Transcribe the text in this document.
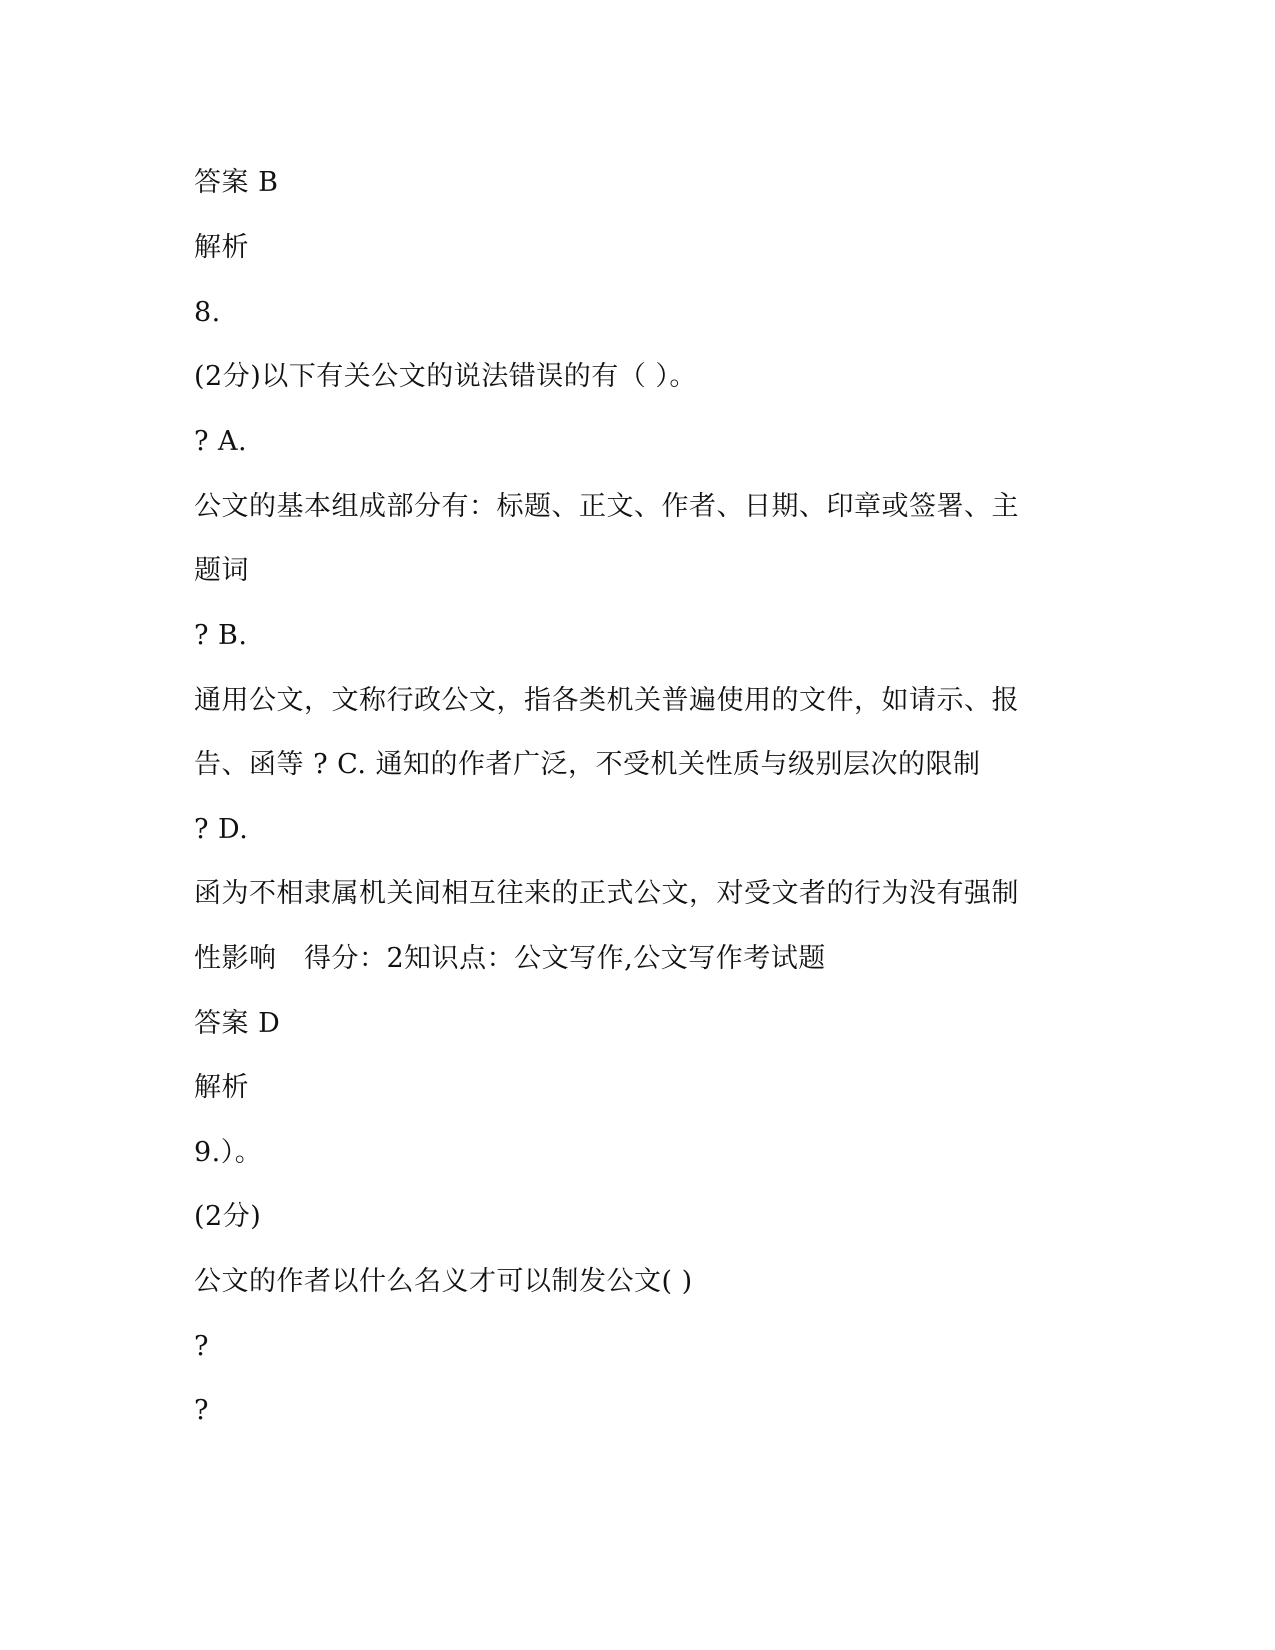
答案 B
解析
8.
(2分)以下有关公文的说法错误的有（ ）。
? A.
公文的基本组成部分有：标题、正文、作者、日期、印章或签署、主
题词
? B.
通用公文，文称行政公文，指各类机关普遍使用的文件，如请示、报
告、函等 ? C. 通知的作者广泛，不受机关性质与级别层次的限制
? D.
函为不相隶属机关间相互往来的正式公文，对受文者的行为没有强制
性影响　得分：2知识点：公文写作,公文写作考试题
答案 D
解析
9.）。
(2分)
公文的作者以什么名义才可以制发公文( )
?
?
